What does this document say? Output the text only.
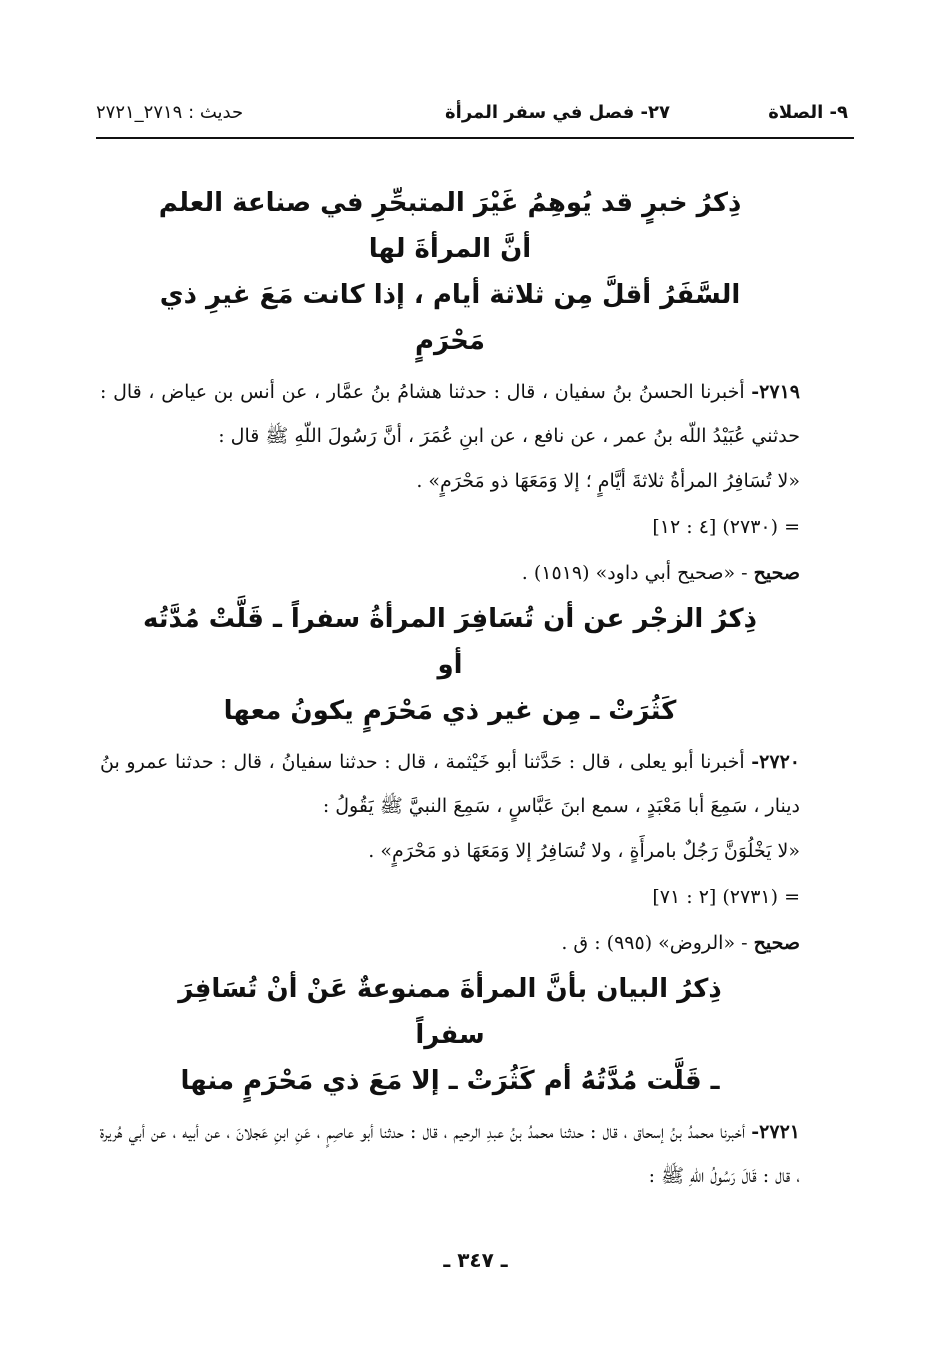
٩- الصلاة
٢٧- فصل في سفر المرأة
حديث : ٢٧١٩_٢٧٢١
ذِكرُ خبرٍ قد يُوهِمُ غَيْرَ المتبحِّرِ في صناعة العلم أنَّ المرأةَ لها
السَّفَرُ أقلَّ مِن ثلاثة أيام ، إذا كانت مَعَ غيرِ ذي مَحْرَمٍ

٢٧١٩- أخبرنا الحسنُ بنُ سفيان ، قال : حدثنا هشامُ بنُ عمَّار ، عن أنس بن عياض ، قال : حدثني عُبَيْدُ اللّه بنُ عمر ، عن نافع ، عن ابنِ عُمَرَ ، أنَّ رَسُولَ اللّهِ ﷺ قال :

«لا تُسَافِرُ المرأةُ ثلاثةَ أيَّامٍ ؛ إلا وَمَعَهَا ذو مَحْرَمٍ» .

= (٢٧٣٠) [٤ : ١٢]

صحيح - «صحيح أبي داود» (١٥١٩) .

ذِكرُ الزجْر عن أن تُسَافِرَ المرأةُ سفراً ـ قَلَّتْ مُدَّتُه أو
كَثُرَتْ ـ مِن غير ذي مَحْرَمٍ يكونُ معها

٢٧٢٠- أخبرنا أبو يعلى ، قال : حَدَّثنا أبو خَيْثمة ، قال : حدثنا سفيانُ ، قال : حدثنا عمرو بنُ دينار ، سَمِعَ أبا مَعْبَدٍ ، سمع ابنَ عَبَّاسٍ ، سَمِعَ النبيَّ ﷺ يَقُولُ :

«لا يَخْلُوَنَّ رَجُلٌ بامرأَةٍ ، ولا تُسَافِرُ إلا وَمَعَهَا ذو مَحْرَمٍ» .

= (٢٧٣١) [٢ : ٧١]

صحيح - «الروض» (٩٩٥) : ق .

ذِكرُ البيان بأنَّ المرأةَ ممنوعةٌ عَنْ أنْ تُسَافِرَ سفراً
ـ قَلَّت مُدَّتُهُ أم كَثُرَتْ ـ إلا مَعَ ذي مَحْرَمٍ منها

٢٧٢١- أخبرنا محمدُ بنُ إسحاق ، قال : حدثنا محمدُ بنُ عبدِ الرحيم ، قال : حدثنا أبو عاصِمٍ ، عَنِ ابنِ عَجلانَ ، عن أبيه ، عن أبي هُريرة ، قال : قَالَ رَسُولُ اللّهِ ﷺ :

ـ ٣٤٧ ـ
